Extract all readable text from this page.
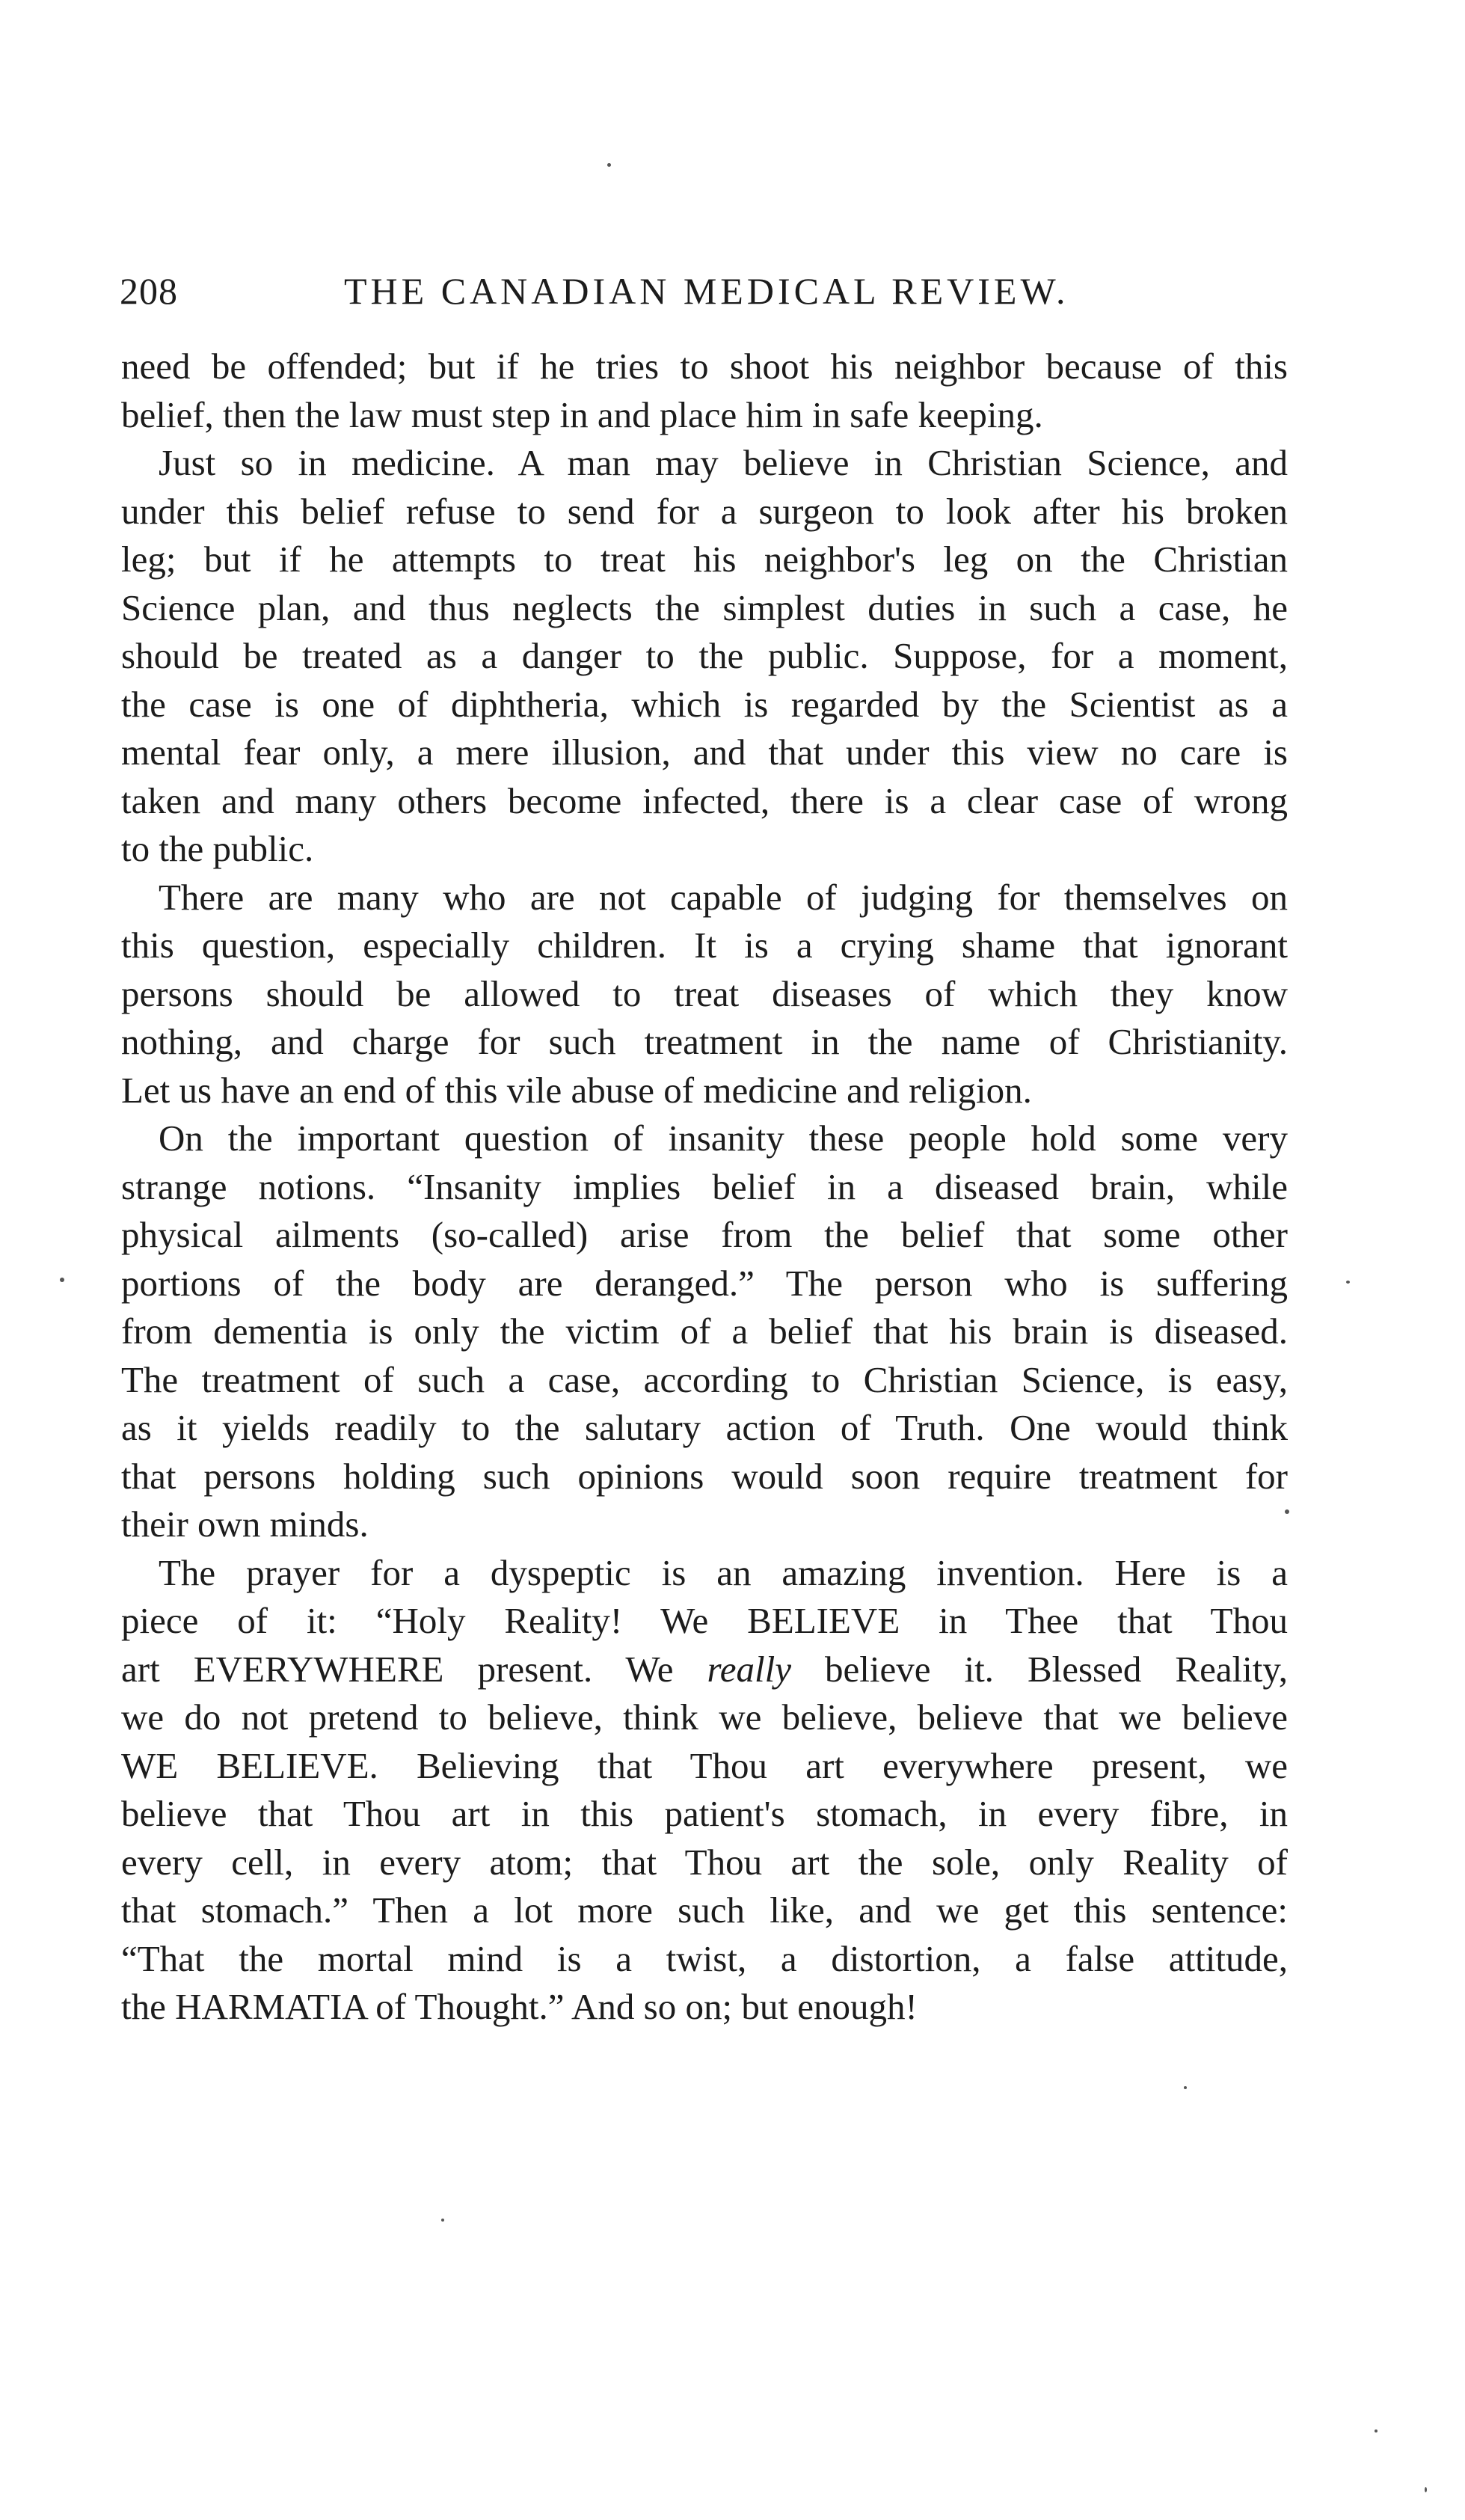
208	THE CANADIAN MEDICAL REVIEW.

need be offended; but if he tries to shoot his neighbor because of this
belief, then the law must step in and place him in safe keeping.

Just so in medicine. A man may believe in Christian Science, and
under this belief refuse to send for a surgeon to look after his broken
leg; but if he attempts to treat his neighbor's leg on the Christian
Science plan, and thus neglects the simplest duties in such a case, he
should be treated as a danger to the public. Suppose, for a moment,
the case is one of diphtheria, which is regarded by the Scientist as a
mental fear only, a mere illusion, and that under this view no care is
taken and many others become infected, there is a clear case of wrong
to the public.

There are many who are not capable of judging for themselves on
this question, especially children. It is a crying shame that ignorant
persons should be allowed to treat diseases of which they know
nothing, and charge for such treatment in the name of Christianity.
Let us have an end of this vile abuse of medicine and religion.

On the important question of insanity these people hold some very
strange notions. “Insanity implies belief in a diseased brain, while
physical ailments (so-called) arise from the belief that some other
portions of the body are deranged.” The person who is suffering
from dementia is only the victim of a belief that his brain is diseased.
The treatment of such a case, according to Christian Science, is easy,
as it yields readily to the salutary action of Truth. One would think
that persons holding such opinions would soon require treatment for
their own minds.

The prayer for a dyspeptic is an amazing invention. Here is a
piece of it: “Holy Reality! We BELIEVE in Thee that Thou
art EVERYWHERE present. We really believe it. Blessed Reality,
we do not pretend to believe, think we believe, believe that we believe
WE BELIEVE. Believing that Thou art everywhere present, we
believe that Thou art in this patient's stomach, in every fibre, in
every cell, in every atom; that Thou art the sole, only Reality of
that stomach.” Then a lot more such like, and we get this sentence:
“That the mortal mind is a twist, a distortion, a false attitude,
the HARMATIA of Thought.” And so on; but enough!
